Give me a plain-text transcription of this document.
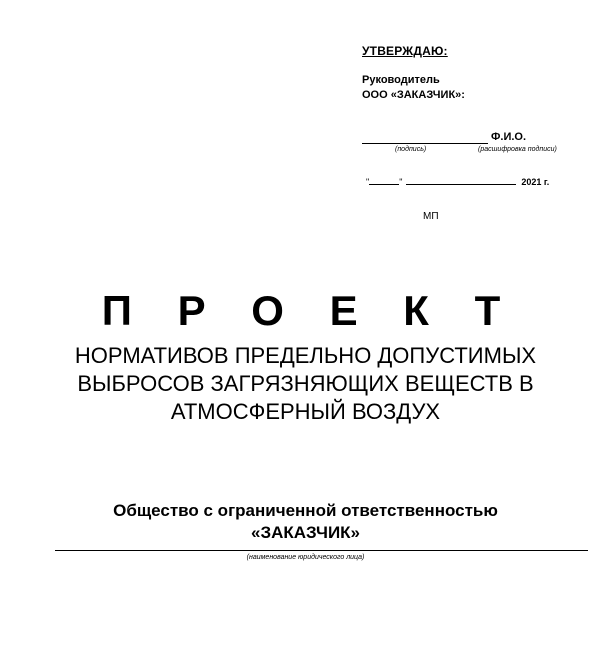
УТВЕРЖДАЮ:
Руководитель
ООО «ЗАКАЗЧИК»:
Ф.И.О.
(подпись)	(расшифровка подписи)
"	"	2021 г.
МП
П Р О Е К Т
НОРМАТИВОВ ПРЕДЕЛЬНО ДОПУСТИМЫХ
ВЫБРОСОВ ЗАГРЯЗНЯЮЩИХ ВЕЩЕСТВ В
АТМОСФЕРНЫЙ ВОЗДУХ
Общество с ограниченной ответственностью
«ЗАКАЗЧИК»
(наименование юридического лица)
